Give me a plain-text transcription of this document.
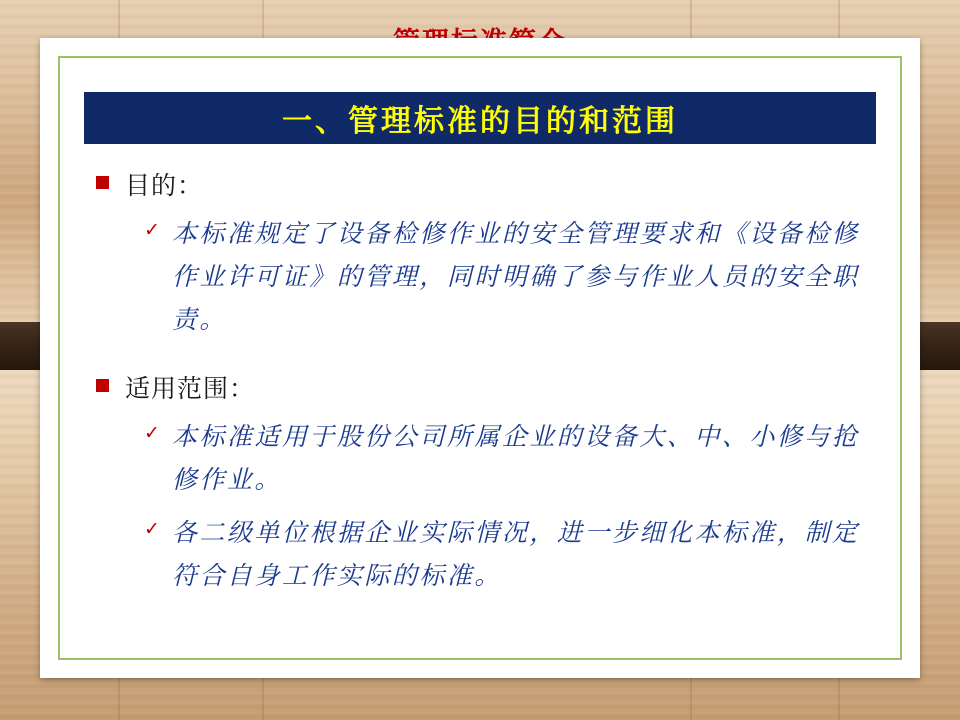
一、管理标准的目的和范围
目的：
✓ 本标准规定了设备检修作业的安全管理要求和《设备检修作业许可证》的管理，同时明确了参与作业人员的安全职责。
适用范围：
✓ 本标准适用于股份公司所属企业的设备大、中、小修与抢修作业。
✓ 各二级单位根据企业实际情况，进一步细化本标准，制定符合自身工作实际的标准。
